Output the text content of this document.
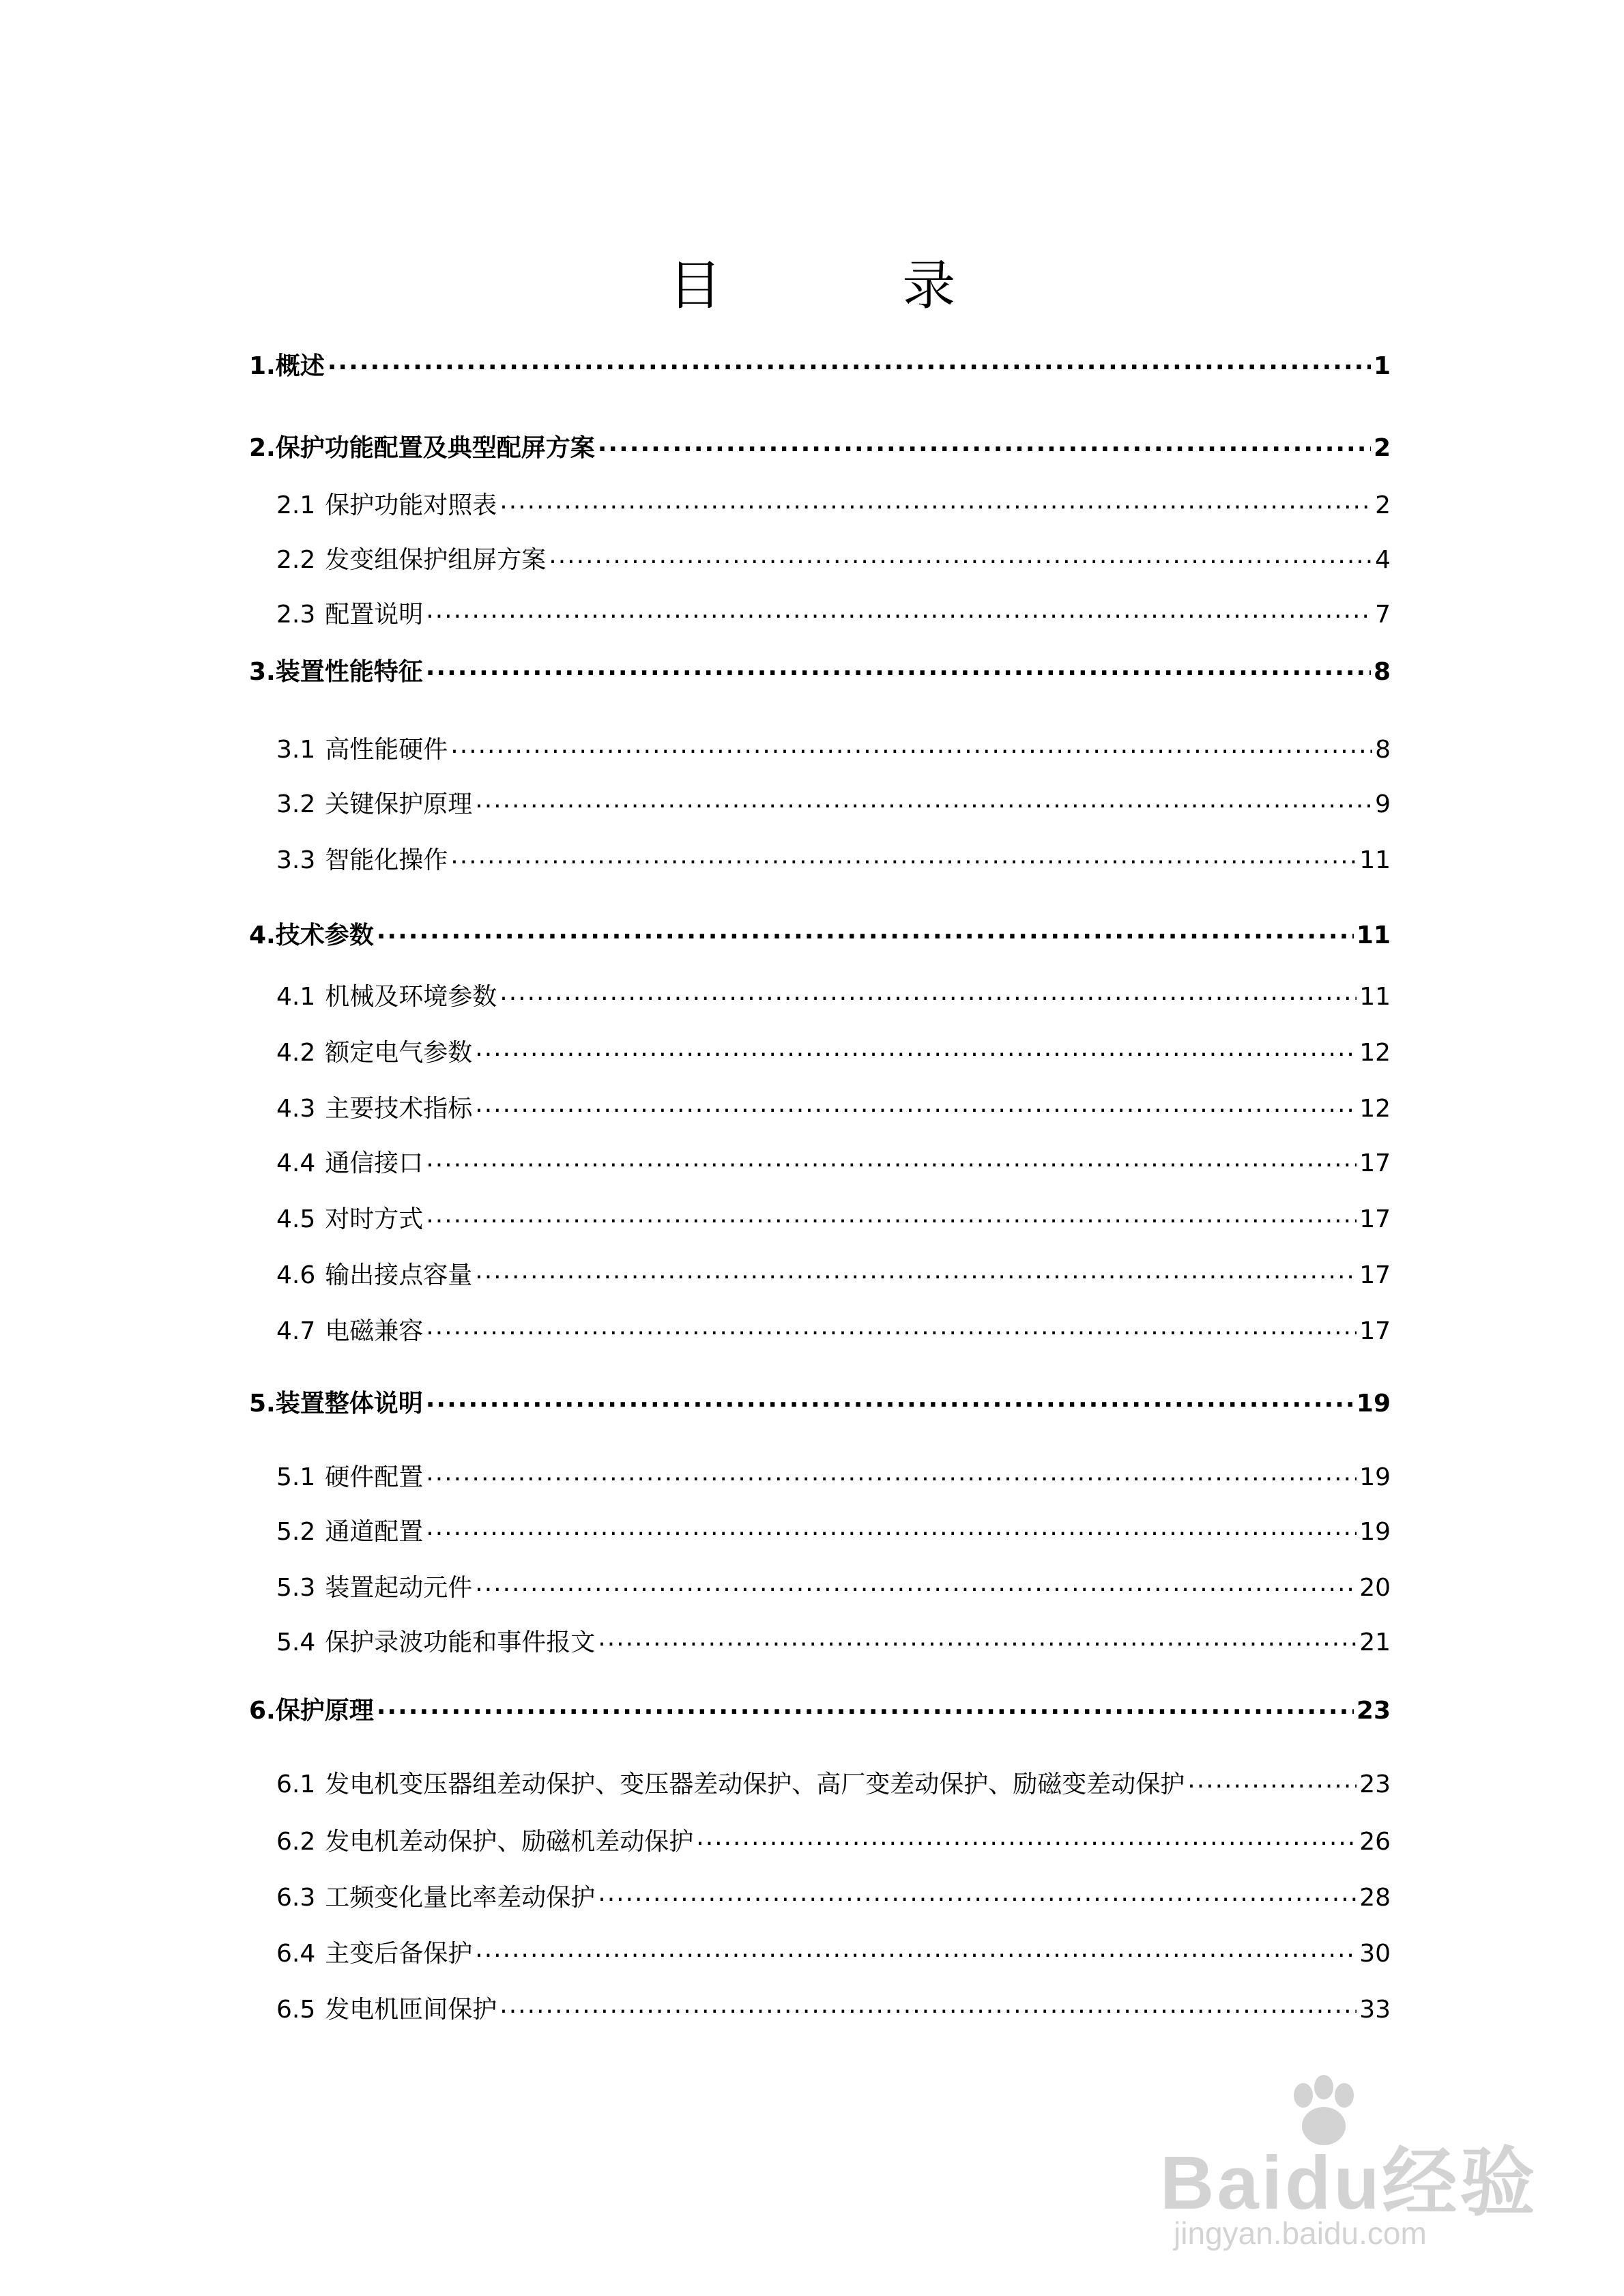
目 录
1. 概述 .....	1
2. 保护功能配置及典型配屏方案 .....	2
2.1 保护功能对照表 .....	2
2.2 发变组保护组屏方案 .....	4
2.3 配置说明 .....	7
3. 装置性能特征 .....	8
3.1 高性能硬件 .....	8
3.2 关键保护原理 .....	9
3.3 智能化操作 .....	11
4. 技术参数 .....	11
4.1 机械及环境参数 .....	11
4.2 额定电气参数 .....	12
4.3 主要技术指标 .....	12
4.4 通信接口 .....	17
4.5 对时方式 .....	17
4.6 输出接点容量 .....	17
4.7 电磁兼容 .....	17
5. 装置整体说明 .....	19
5.1 硬件配置 .....	19
5.2 通道配置 .....	19
5.3 装置起动元件 .....	20
5.4 保护录波功能和事件报文 .....	21
6. 保护原理 .....	23
6.1 发电机变压器组差动保护、变压器差动保护、高厂变差动保护、励磁变差动保护 .....	23
6.2 发电机差动保护、励磁机差动保护 .....	26
6.3 工频变化量比率差动保护 .....	28
6.4 主变后备保护 .....	30
6.5 发电机匝间保护 .....	33
Baidu经验
jingyan.baidu.com
